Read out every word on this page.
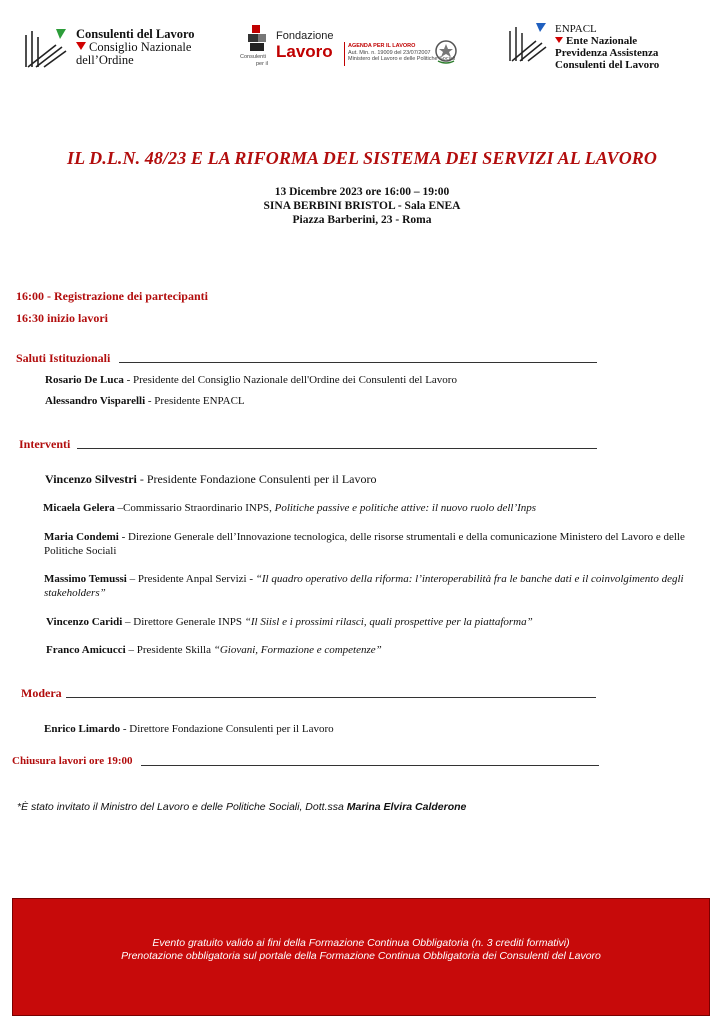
Consulenti del Lavoro
Consiglio Nazionale
dell’Ordine
Fondazione
Lavoro
Consulenti
per il
AGENDA PER IL LAVORO
Aut. Min. n. 19009 del 23/07/2007
Ministero del Lavoro e delle Politiche Sociali
ENPACL
Ente Nazionale
Previdenza Assistenza
Consulenti del Lavoro
IL D.L.N. 48/23 E LA RIFORMA DEL SISTEMA DEI SERVIZI AL LAVORO
13 Dicembre 2023 ore 16:00 – 19:00
SINA BERBINI BRISTOL - Sala ENEA
Piazza Barberini, 23 - Roma
16:00 - Registrazione dei partecipanti
16:30 inizio lavori
Saluti Istituzionali
Rosario De Luca - Presidente del Consiglio Nazionale dell'Ordine dei Consulenti del Lavoro
Alessandro Visparelli - Presidente ENPACL
Interventi
Vincenzo Silvestri - Presidente Fondazione Consulenti per il Lavoro
Micaela Gelera –Commissario Straordinario INPS, Politiche passive e politiche attive: il nuovo ruolo dell’Inps
Maria Condemi - Direzione Generale dell’Innovazione tecnologica, delle risorse strumentali e della comunicazione Ministero del Lavoro e delle Politiche Sociali
Massimo Temussi – Presidente Anpal Servizi - “Il quadro operativo della riforma: l’interoperabilità fra le banche dati e il coinvolgimento degli stakeholders”
Vincenzo Caridi – Direttore Generale INPS “Il Siisl e i prossimi rilasci, quali prospettive per la piattaforma”
Franco Amicucci – Presidente Skilla “Giovani, Formazione e competenze”
Modera
Enrico Limardo - Direttore Fondazione Consulenti per il Lavoro
Chiusura lavori ore 19:00
*È stato invitato il Ministro del Lavoro e delle Politiche Sociali, Dott.ssa Marina Elvira Calderone
Evento gratuito valido ai fini della Formazione Continua Obbligatoria (n. 3 crediti formativi)
Prenotazione obbligatoria sul portale della Formazione Continua Obbligatoria dei Consulenti del Lavoro
